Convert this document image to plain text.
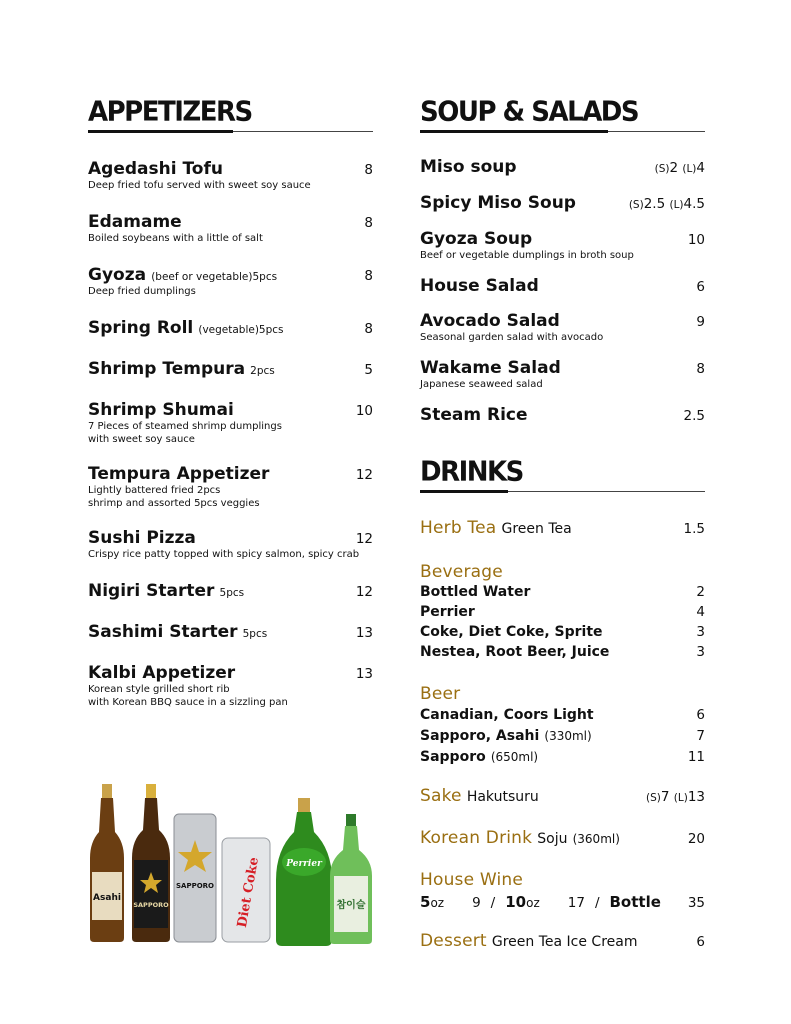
APPETIZERS
Agedashi Tofu	8
Deep fried tofu served with sweet soy sauce
Edamame	8
Boiled soybeans with a little of salt
Gyoza (beef or vegetable)5pcs	8
Deep fried dumplings
Spring Roll (vegetable)5pcs	8
Shrimp Tempura 2pcs	5
Shrimp Shumai	10
7 Pieces of steamed shrimp dumplings
with sweet soy sauce
Tempura Appetizer	12
Lightly battered fried 2pcs
shrimp and assorted 5pcs veggies
Sushi Pizza	12
Crispy rice patty topped with spicy salmon, spicy crab
Nigiri Starter 5pcs	12
Sashimi Starter 5pcs	13
Kalbi Appetizer	13
Korean style grilled short rib
with Korean BBQ sauce in a sizzling pan
SOUP & SALADS
Miso soup	(S)2 (L)4
Spicy Miso Soup	(S)2.5 (L)4.5
Gyoza Soup	10
Beef or vegetable dumplings in broth soup
House Salad	6
Avocado Salad	9
Seasonal garden salad with avocado
Wakame Salad	8
Japanese seaweed salad
Steam Rice	2.5
DRINKS
Herb Tea Green Tea	1.5
Beverage
Bottled Water	2
Perrier	4
Coke, Diet Coke, Sprite	3
Nestea, Root Beer, Juice	3
Beer
Canadian, Coors Light	6
Sapporo, Asahi (330ml)	7
Sapporo (650ml)	11
Sake Hakutsuru	(S)7 (L)13
Korean Drink Soju (360ml)	20
House Wine
5 oz 9 / 10 oz 17 / Bottle 35
Dessert Green Tea Ice Cream	6
Asahi
SAPPORO
SAPPORO Diet Coke	Perrier
참이슬
